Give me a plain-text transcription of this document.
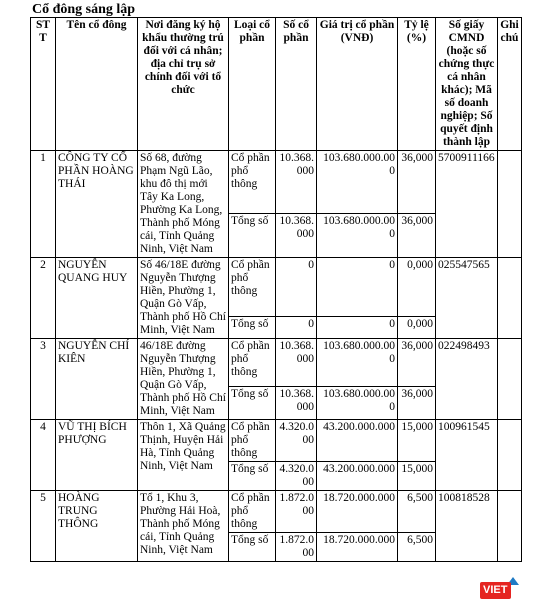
Cổ đông sáng lập
STT	Tên cổ đông	Nơi đăng ký hộ khẩu thường trú đối với cá nhân; địa chỉ trụ sở chính đối với tổ chức	Loại cổ phần	Số cổ phần	Giá trị cổ phần (VNĐ)	Tỷ lệ (%)	Số giấy CMND (hoặc số chứng thực cá nhân khác); Mã số doanh nghiệp; Số quyết định thành lập	Ghi chú
1	CÔNG TY CỔ PHẦN HOÀNG THÁI	Số 68, đường Phạm Ngũ Lão, khu đô thị mới Tây Ka Long, Phường Ka Long, Thành phố Móng cái, Tỉnh Quảng Ninh, Việt Nam	Cổ phần phổ thông	10.368.000	103.680.000.000	36,000	5700911166	
			Tổng số	10.368.000	103.680.000.000	36,000		
2	NGUYỄN QUANG HUY	Số 46/18E đường Nguyễn Thượng Hiền, Phường 1, Quận Gò Vấp, Thành phố Hồ Chí Minh, Việt Nam	Cổ phần phổ thông	0	0	0,000	025547565	
			Tổng số	0	0	0,000		
3	NGUYỄN CHÍ KIÊN	46/18E đường Nguyễn Thượng Hiền, Phường 1, Quận Gò Vấp, Thành phố Hồ Chí Minh, Việt Nam	Cổ phần phổ thông	10.368.000	103.680.000.000	36,000	022498493	
			Tổng số	10.368.000	103.680.000.000	36,000		
4	VŨ THỊ BÍCH PHƯỢNG	Thôn 1, Xã Quảng Thịnh, Huyện Hải Hà, Tỉnh Quảng Ninh, Việt Nam	Cổ phần phổ thông	4.320.000	43.200.000.000	15,000	100961545	
			Tổng số	4.320.000	43.200.000.000	15,000		
5	HOÀNG TRUNG THÔNG	Tổ 1, Khu 3, Phường Hải Hoà, Thành phố Móng cái, Tỉnh Quảng Ninh, Việt Nam	Cổ phần phổ thông	1.872.000	18.720.000.000	6,500	100818528	
			Tổng số	1.872.000	18.720.000.000	6,500		
VIET
